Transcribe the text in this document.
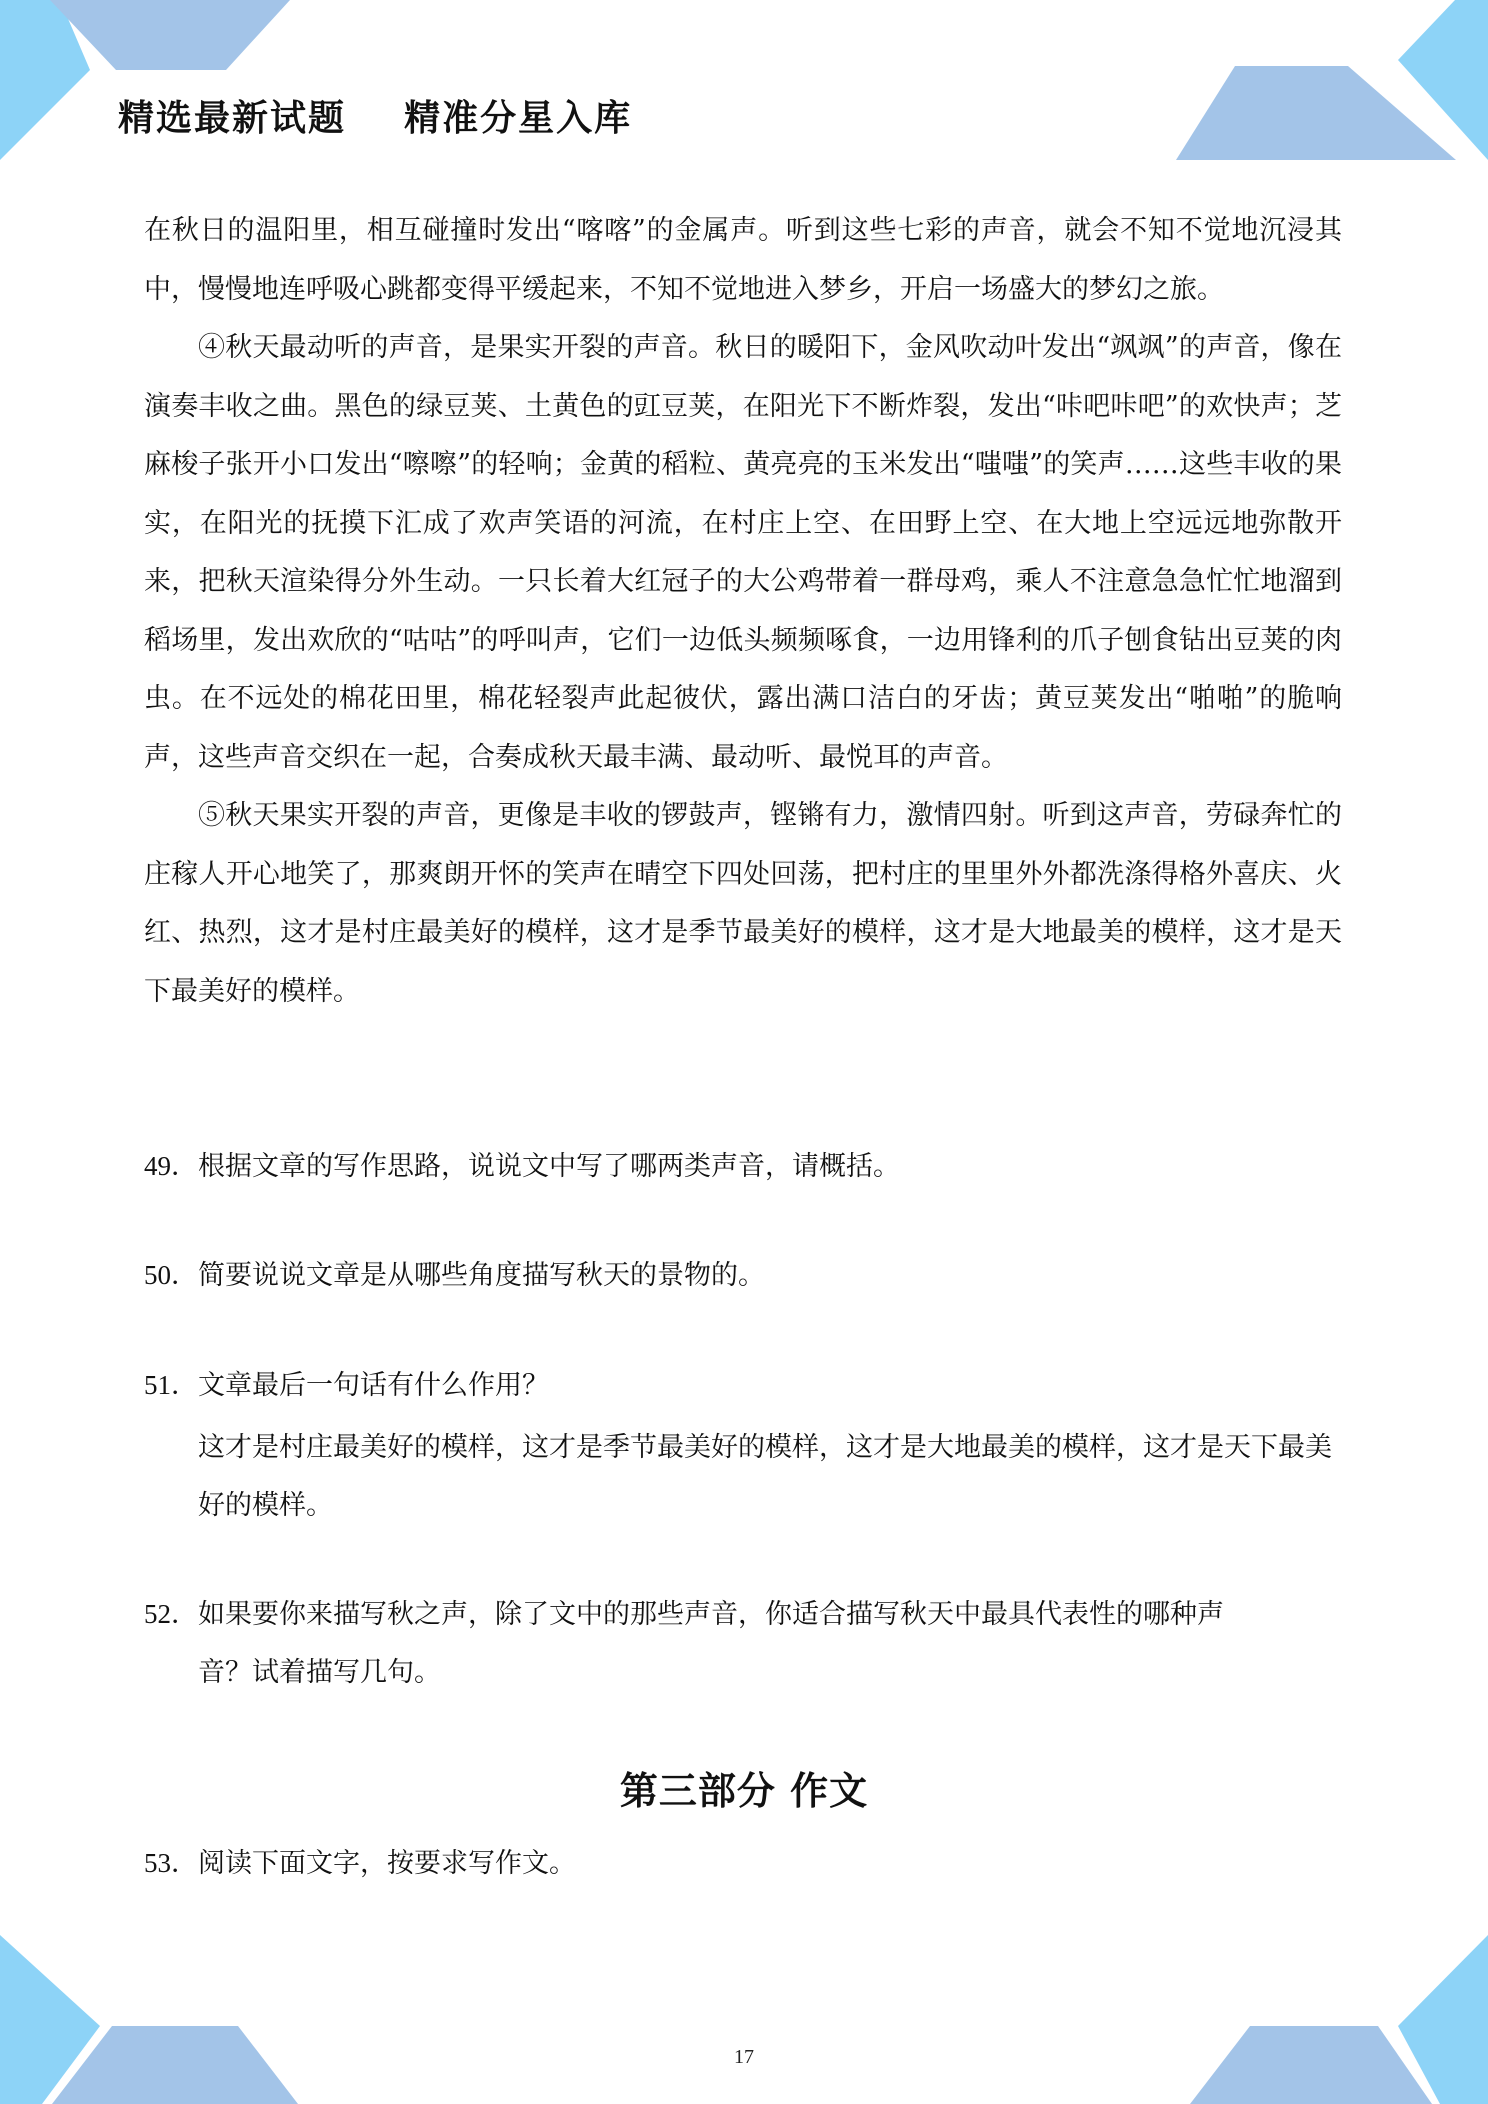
精选最新试题    精准分星入库

在秋日的温阳里，相互碰撞时发出“喀喀”的金属声。听到这些七彩的声音，就会不知不觉地沉浸其中，慢慢地连呼吸心跳都变得平缓起来，不知不觉地进入梦乡，开启一场盛大的梦幻之旅。

④秋天最动听的声音，是果实开裂的声音。秋日的暖阳下，金风吹动叶发出“飒飒”的声音，像在演奏丰收之曲。黑色的绿豆荚、土黄色的豇豆荚，在阳光下不断炸裂，发出“咔吧咔吧”的欢快声；芝麻梭子张开小口发出“嚓嚓”的轻响；金黄的稻粒、黄亮亮的玉米发出“嗤嗤”的笑声……这些丰收的果实，在阳光的抚摸下汇成了欢声笑语的河流，在村庄上空、在田野上空、在大地上空远远地弥散开来，把秋天渲染得分外生动。一只长着大红冠子的大公鸡带着一群母鸡，乘人不注意急急忙忙地溜到稻场里，发出欢欣的“咕咕”的呼叫声，它们一边低头频频啄食，一边用锋利的爪子刨食钻出豆荚的肉虫。在不远处的棉花田里，棉花轻裂声此起彼伏，露出满口洁白的牙齿；黄豆荚发出“啪啪”的脆响声，这些声音交织在一起，合奏成秋天最丰满、最动听、最悦耳的声音。

⑤秋天果实开裂的声音，更像是丰收的锣鼓声，铿锵有力，激情四射。听到这声音，劳碌奔忙的庄稼人开心地笑了，那爽朗开怀的笑声在晴空下四处回荡，把村庄的里里外外都洗涤得格外喜庆、火红、热烈，这才是村庄最美好的模样，这才是季节最美好的模样，这才是大地最美的模样，这才是天下最美好的模样。

49．根据文章的写作思路，说说文中写了哪两类声音，请概括。
50．简要说说文章是从哪些角度描写秋天的景物的。
51．文章最后一句话有什么作用？

这才是村庄最美好的模样，这才是季节最美好的模样，这才是大地最美的模样，这才是天下最美好的模样。

52．如果要你来描写秋之声，除了文中的那些声音，你适合描写秋天中最具代表性的哪种声
音？试着描写几句。
第三部分 作文
53．阅读下面文字，按要求写作文。
17
